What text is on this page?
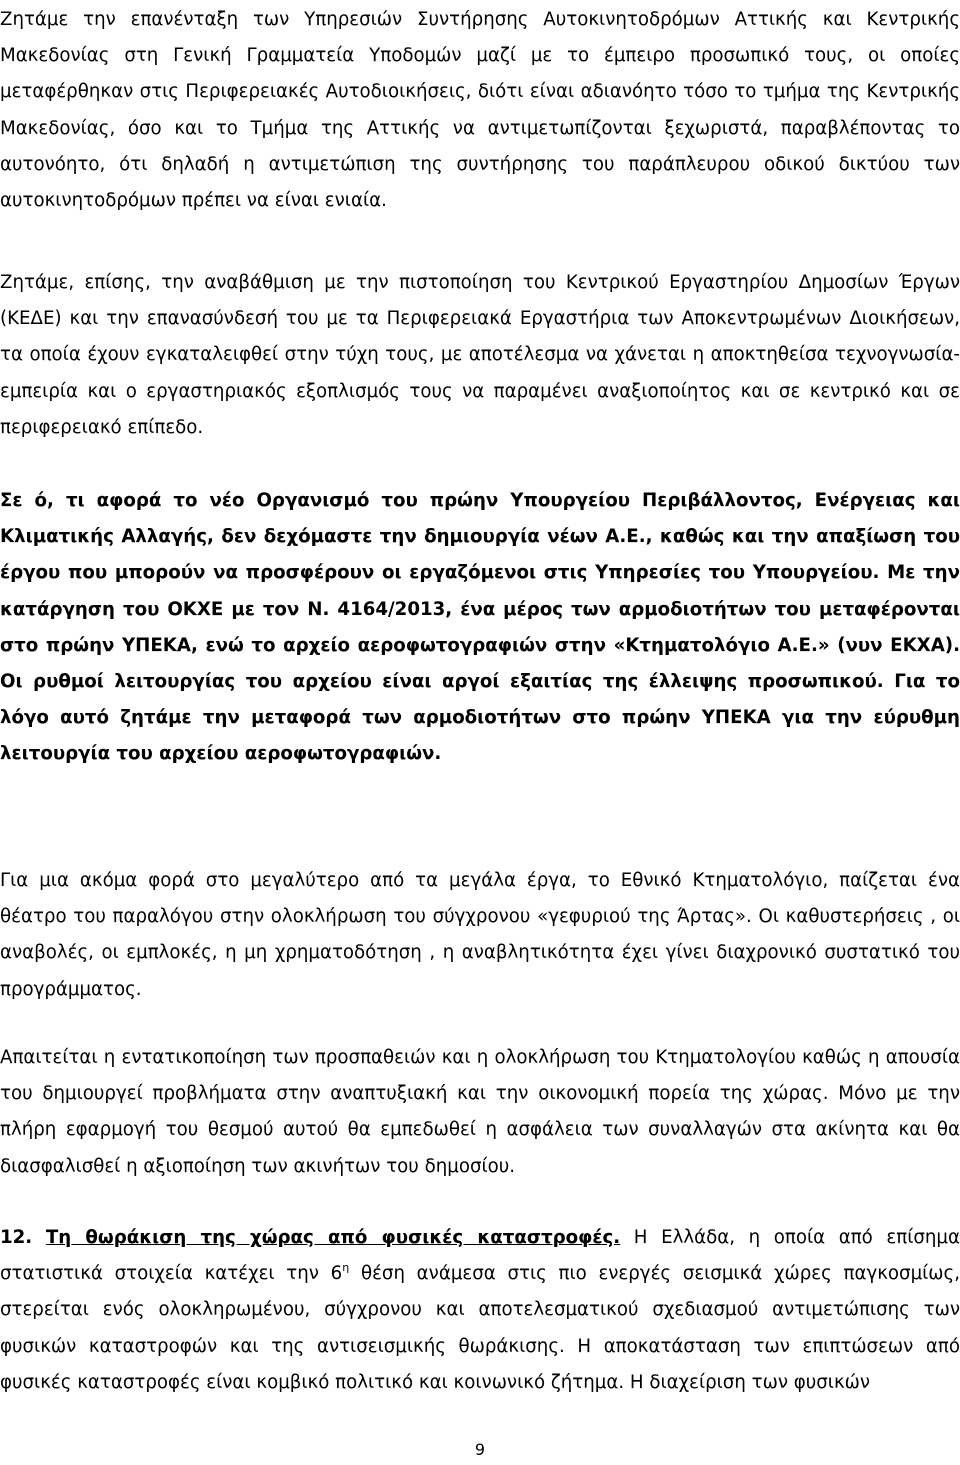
Ζητάμε την επανένταξη των Υπηρεσιών Συντήρησης Αυτοκινητοδρόμων Αττικής και Κεντρικής Μακεδονίας στη Γενική Γραμματεία Υποδομών μαζί με το έμπειρο προσωπικό τους, οι οποίες μεταφέρθηκαν στις Περιφερειακές Αυτοδιοικήσεις, διότι είναι αδιανόητο τόσο το τμήμα της Κεντρικής Μακεδονίας, όσο και το Τμήμα της Αττικής να αντιμετωπίζονται ξεχωριστά, παραβλέποντας το αυτονόητο, ότι δηλαδή η αντιμετώπιση της συντήρησης του παράπλευρου οδικού δικτύου των αυτοκινητοδρόμων πρέπει να είναι ενιαία.

Ζητάμε, επίσης, την αναβάθμιση με την πιστοποίηση του Κεντρικού Εργαστηρίου Δημοσίων Έργων (ΚΕΔΕ) και την επανασύνδεσή του με τα Περιφερειακά Εργαστήρια των Αποκεντρωμένων Διοικήσεων, τα οποία έχουν εγκαταλειφθεί στην τύχη τους, με αποτέλεσμα να χάνεται η αποκτηθείσα τεχνογνωσία-εμπειρία και ο εργαστηριακός εξοπλισμός τους να παραμένει αναξιοποίητος και σε κεντρικό και σε περιφερειακό επίπεδο.

Σε ό, τι αφορά το νέο Οργανισμό του πρώην Υπουργείου Περιβάλλοντος, Ενέργειας και Κλιματικής Αλλαγής, δεν δεχόμαστε την δημιουργία νέων Α.Ε., καθώς και την απαξίωση του έργου που μπορούν να προσφέρουν οι εργαζόμενοι στις Υπηρεσίες του Υπουργείου. Με την κατάργηση του ΟΚΧΕ με τον Ν. 4164/2013, ένα μέρος των αρμοδιοτήτων του μεταφέρονται στο πρώην ΥΠΕΚΑ, ενώ το αρχείο αεροφωτογραφιών στην «Κτηματολόγιο Α.Ε.» (νυν ΕΚΧΑ). Οι ρυθμοί λειτουργίας του αρχείου είναι αργοί εξαιτίας της έλλειψης προσωπικού. Για το λόγο αυτό ζητάμε την μεταφορά των αρμοδιοτήτων στο πρώην ΥΠΕΚΑ για την εύρυθμη λειτουργία του αρχείου αεροφωτογραφιών.

Για μια ακόμα φορά στο μεγαλύτερο από τα μεγάλα έργα, το Εθνικό Κτηματολόγιο, παίζεται ένα θέατρο του παραλόγου στην ολοκλήρωση του σύγχρονου «γεφυριού της Άρτας». Οι καθυστερήσεις , οι αναβολές, οι εμπλοκές, η μη χρηματοδότηση , η αναβλητικότητα έχει γίνει διαχρονικό συστατικό του προγράμματος.

Απαιτείται η εντατικοποίηση των προσπαθειών και η ολοκλήρωση του Κτηματολογίου καθώς η απουσία του δημιουργεί προβλήματα στην αναπτυξιακή και την οικονομική πορεία της χώρας. Μόνο με την πλήρη εφαρμογή του θεσμού αυτού θα εμπεδωθεί η ασφάλεια των συναλλαγών στα ακίνητα και θα διασφαλισθεί η αξιοποίηση των ακινήτων του δημοσίου.

12. Τη θωράκιση της χώρας από φυσικές καταστροφές. Η Ελλάδα, η οποία από επίσημα στατιστικά στοιχεία κατέχει την $6^\eta$ θέση ανάμεσα στις πιο ενεργές σεισμικά χώρες παγκοσμίως, στερείται ενός ολοκληρωμένου, σύγχρονου και αποτελεσματικού σχεδιασμού αντιμετώπισης των φυσικών καταστροφών και της αντισεισμικής θωράκισης. Η αποκατάσταση των επιπτώσεων από φυσικές καταστροφές είναι κομβικό πολιτικό και κοινωνικό ζήτημα. Η διαχείριση των φυσικών

9
